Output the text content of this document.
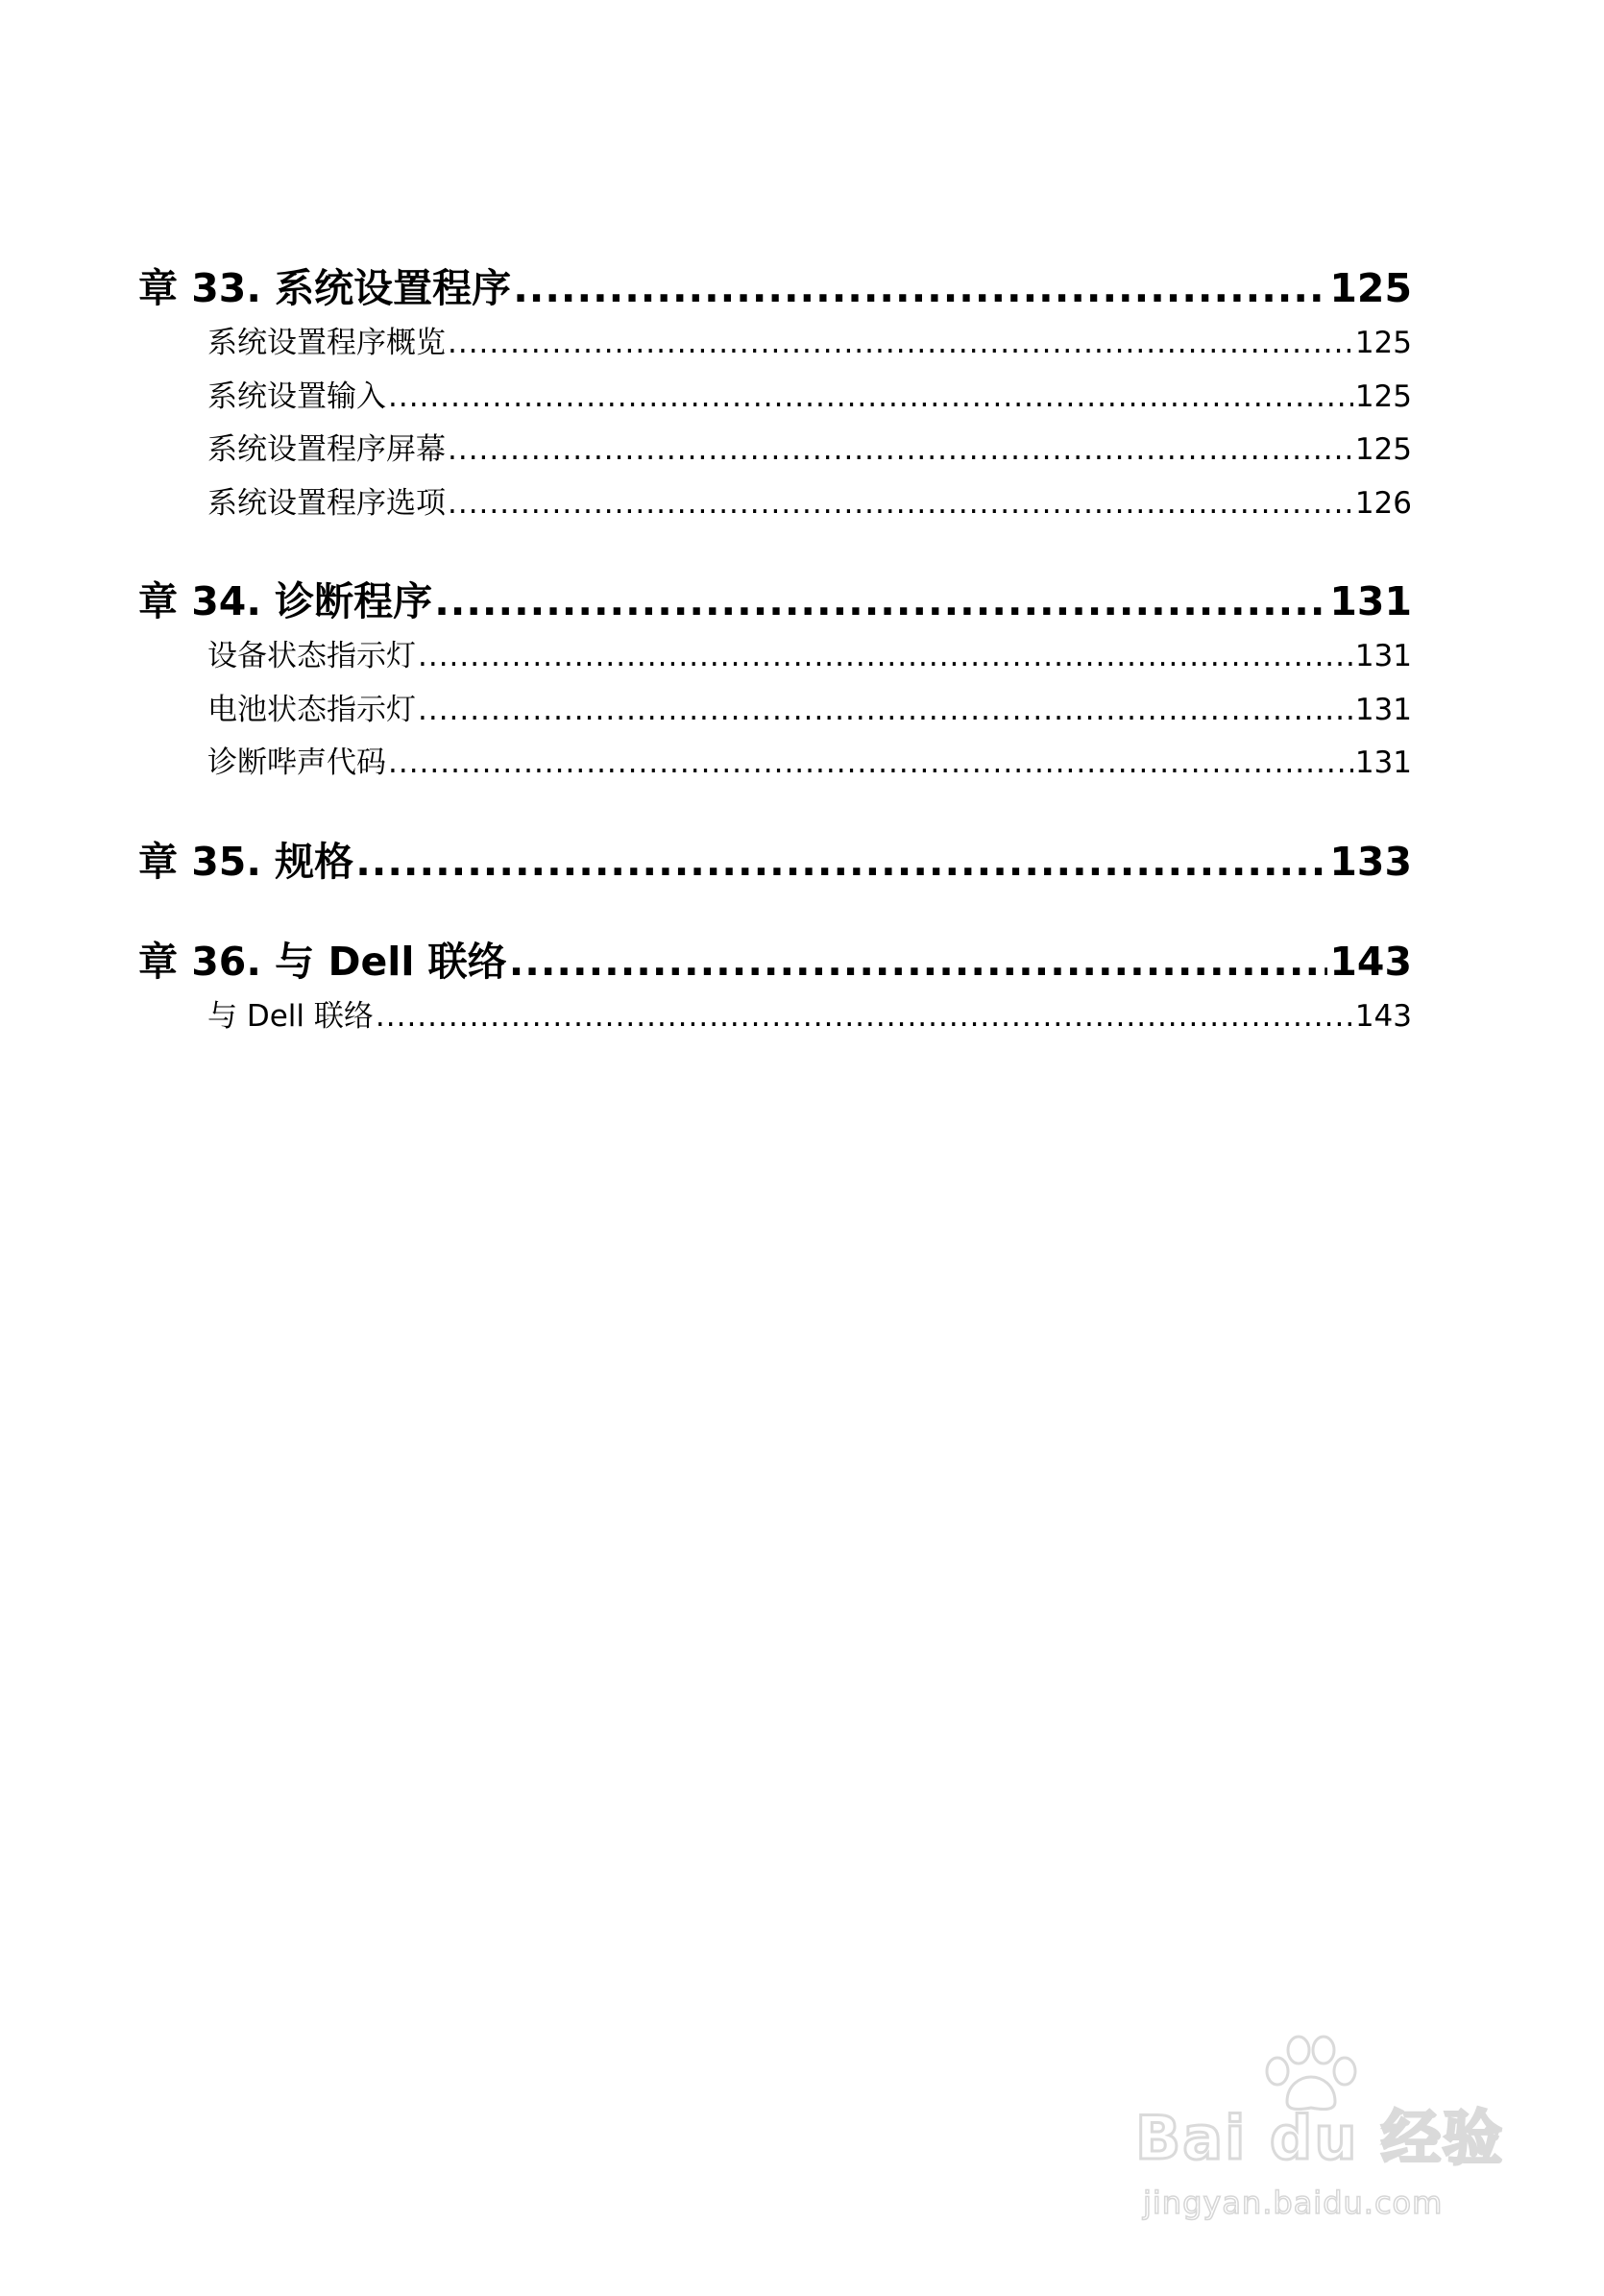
章 33. 系统设置程序 .....	125
系统设置程序概览 .....	125
系统设置输入 .....	125
系统设置程序屏幕 .....	125
系统设置程序选项 .....	126
章 34. 诊断程序 .....	131
设备状态指示灯 .....	131
电池状态指示灯 .....	131
诊断哔声代码 .....	131
章 35. 规格 .....	133
章 36. 与 Dell 联络 .....	143
与 Dell 联络 .....	143
Bai du 经验
jingyan.baidu.com
